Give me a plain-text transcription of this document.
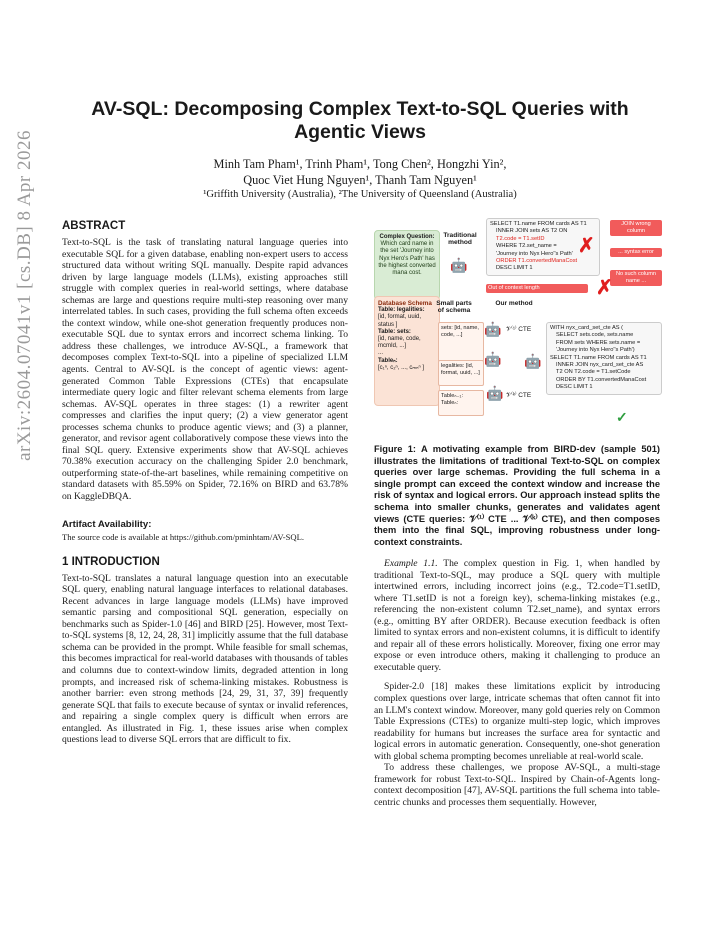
arXiv:2604.07041v1 [cs.DB] 8 Apr 2026
AV-SQL: Decomposing Complex Text-to-SQL Queries with Agentic Views
Minh Tam Pham¹, Trinh Pham¹, Tong Chen², Hongzhi Yin²,
Quoc Viet Hung Nguyen¹, Thanh Tam Nguyen¹
¹Griffith University (Australia), ²The University of Queensland (Australia)
ABSTRACT

Text-to-SQL is the task of translating natural language queries into executable SQL for a given database, enabling non-expert users to access structured data without writing SQL manually. Despite rapid advances driven by large language models (LLMs), existing approaches still struggle with complex queries in real-world settings, where database schemas are large and questions require multi-step reasoning over many interrelated tables. In such cases, providing the full schema often exceeds the context window, while one-shot generation frequently produces non-executable SQL due to syntax errors and incorrect schema linking. To address these challenges, we introduce AV-SQL, a framework that decomposes complex Text-to-SQL into a pipeline of specialized LLM agents. Central to AV-SQL is the concept of agentic views: agent-generated Common Table Expressions (CTEs) that encapsulate intermediate query logic and filter relevant schema elements from large schemas. AV-SQL operates in three stages: (1) a rewriter agent compresses and clarifies the input query; (2) a view generator agent processes schema chunks to produce agentic views; and (3) a planner, generator, and revisor agent collaboratively compose these views into the final SQL query. Extensive experiments show that AV-SQL achieves 70.38% execution accuracy on the challenging Spider 2.0 benchmark, outperforming state-of-the-art baselines, while remaining competitive on standard datasets with 85.59% on Spider, 72.16% on BIRD and 63.78% on KaggleDBQA.

Artifact Availability:
The source code is available at https://github.com/pminhtam/AV-SQL.
1 INTRODUCTION

Text-to-SQL translates a natural language question into an executable SQL query, enabling natural language interfaces to relational databases. Recent advances in large language models (LLMs) have improved semantic parsing and compositional SQL generation, especially on benchmarks such as Spider-1.0 [46] and BIRD [25]. However, most Text-to-SQL systems [8, 12, 24, 28, 31] implicitly assume that the full database schema can be provided in the prompt. While feasible for small schemas, this becomes impractical for real-world databases with thousands of tables and columns due to context-window limits, degraded attention in long prompts, and increased risk of schema-linking mistakes. Robustness is another barrier: even strong methods [24, 29, 31, 37, 39] frequently generate SQL that fails to execute because of syntax or invalid references, and repairing a single complex query is difficult when errors are entangled. As illustrated in Fig. 1, these issues arise when complex questions lead to diverse SQL errors that are difficult to fix.

Complex Question:
Which card name in the set 'Journey into Nyx Hero's Path' has the highest converted mana cost.
Database Schema
Table: legalities:
[id, format, uuid, status ]
Table: sets:
[id, name, code, mcmId, ...]
...
Tableₙ:
[c₁ⁿ, c₂ⁿ, ..., cₘₙⁿ ]
Traditional method
🤖
SELECT T1.name FROM cards AS T1
INNER JOIN sets AS T2 ON
T2.code = T1.setID
WHERE T2.set_name =
'Journey into Nyx Hero''s Path'
ORDER T1.convertedManaCost
DESC LIMIT 1
✗
JOIN wrong column
... syntax error
No such column name ...
Out of context length	✗
Small parts of schema
Our method
sets: [id, name, code, ...]
legalities: [id, format, uuid, ...]
Tableₙ₋₁:
Tableₙ:
🤖
🤖
🤖
𝒱⁽¹⁾ CTE
𝒱⁽ᵏ⁾ CTE
🤖
WITH nyx_card_set_cte AS (
SELECT sets.code, sets.name
FROM sets WHERE sets.name =
'Journey into Nyx Hero''s Path')
SELECT T1.name FROM cards AS T1
INNER JOIN nyx_card_set_cte AS
T2 ON T2.code = T1.setCode
ORDER BY T1.convertedManaCost
DESC LIMIT 1
✓
Figure 1: A motivating example from BIRD-dev (sample 501) illustrates the limitations of traditional Text-to-SQL on complex queries over large schemas. Providing the full schema in a single prompt can exceed the context window and increase the risk of syntax and logical errors. Our approach instead splits the schema into smaller chunks, generates and validates agent views (CTE queries: 𝒱⁽¹⁾ CTE ... 𝒱⁽ᵏ⁾ CTE), and then composes them into the final SQL, improving robustness under long-context constraints.

Example 1.1. The complex question in Fig. 1, when handled by traditional Text-to-SQL, may produce a SQL query with multiple intertwined errors, including incorrect joins (e.g., T2.code=T1.setID, where T1.setID is not a foreign key), schema-linking mistakes (e.g., referencing the non-existent column T2.set_name), and syntax errors (e.g., omitting BY after ORDER). Because execution feedback is often limited to syntax errors and non-existent columns, it is difficult to identify and repair all of these errors holistically. Moreover, fixing one error may expose or even introduce others, making it challenging to produce an executable query.

Spider-2.0 [18] makes these limitations explicit by introducing complex questions over large, intricate schemas that often cannot fit into an LLM's context window. Moreover, many gold queries rely on Common Table Expressions (CTEs) to organize multi-step logic, which improves readability for humans but increases the surface area for syntactic and logical errors in automatic generation. Consequently, one-shot generation with global schema prompting becomes unreliable at real-world scale.

To address these challenges, we propose AV-SQL, a multi-stage framework for robust Text-to-SQL. Inspired by Chain-of-Agents long-context decomposition [47], AV-SQL partitions the full schema into table-centric chunks and processes them sequentially. However,
